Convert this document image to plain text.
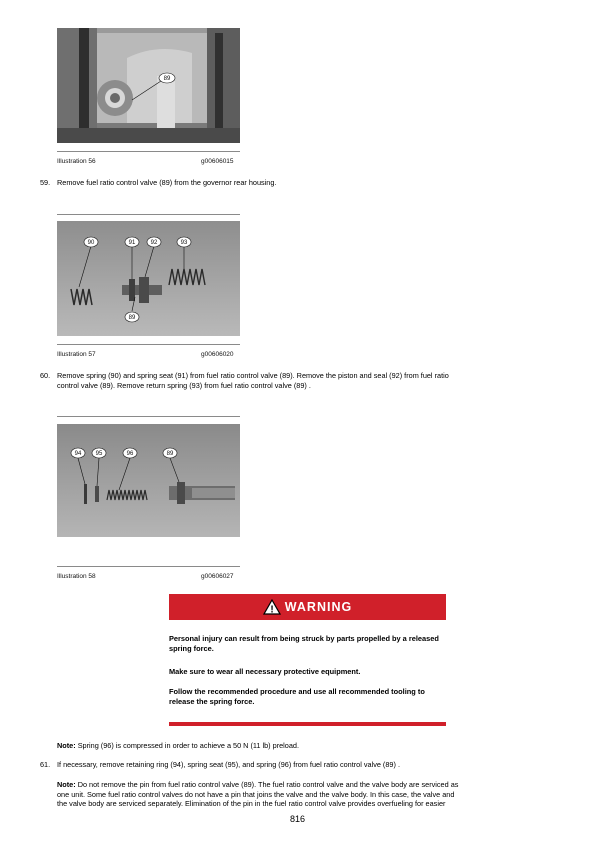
89
Illustration 56	g00606015
59. Remove fuel ratio control valve (89) from the governor rear housing.
90	91	92	93
89
Illustration 57	g00606020
60. Remove spring (90) and spring seat (91) from fuel ratio control valve (89). Remove the piston and seal (92) from fuel ratio
control valve (89). Remove return spring (93) from fuel ratio control valve (89) .
94 95	96	89
Illustration 58	g00606027
! WARNING
Personal injury can result from being struck by parts propelled by a released spring force.
Make sure to wear all necessary protective equipment.
Follow the recommended procedure and use all recommended tooling to release the spring force.
Note: Spring (96) is compressed in order to achieve a 50 N (11 lb) preload.
61. If necessary, remove retaining ring (94), spring seat (95), and spring (96) from fuel ratio control valve (89) .
Note: Do not remove the pin from fuel ratio control valve (89). The fuel ratio control valve and the valve body are serviced as
one unit. Some fuel ratio control valves do not have a pin that joins the valve and the valve body. In this case, the valve and
the valve body are serviced separately. Elimination of the pin in the fuel ratio control valve provides overfueling for easier
816
